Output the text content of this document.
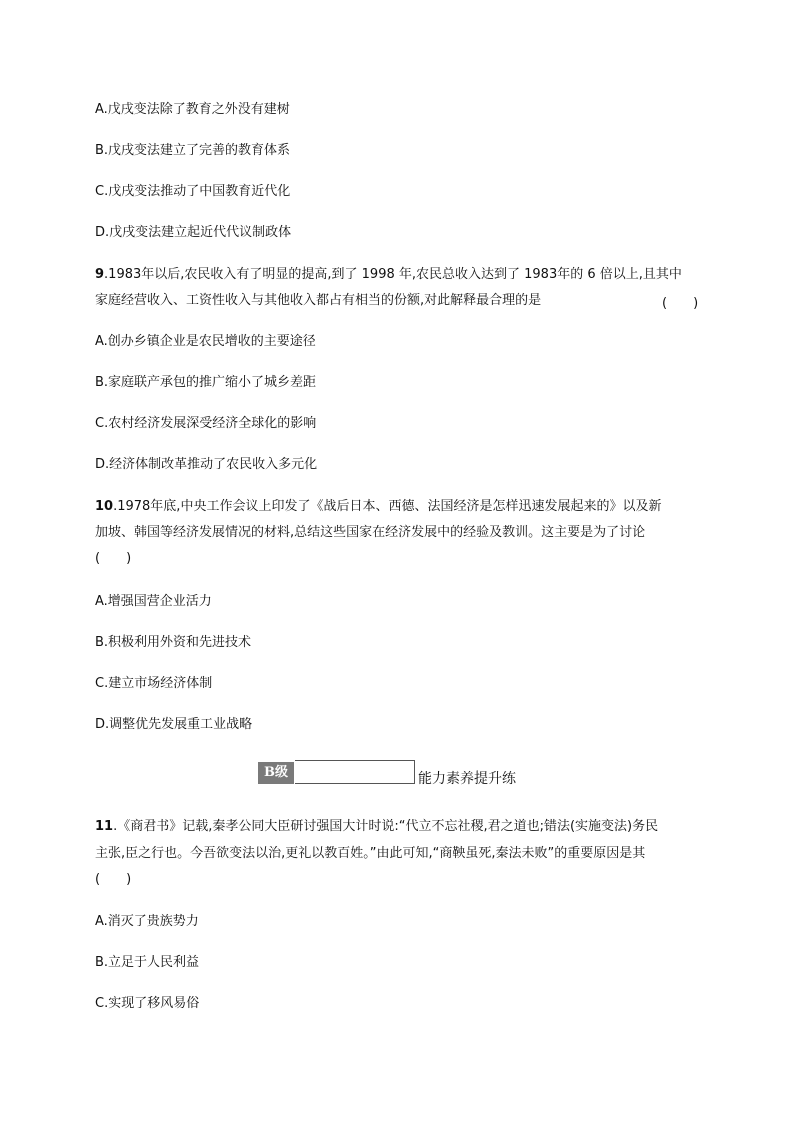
A.戊戌变法除了教育之外没有建树
B.戊戌变法建立了完善的教育体系
C.戊戌变法推动了中国教育近代化
D.戊戌变法建立起近代代议制政体
9.1983年以后,农民收入有了明显的提高,到了 1998 年,农民总收入达到了 1983年的 6 倍以上,且其中
家庭经营收入、工资性收入与其他收入都占有相当的份额,对此解释最合理的是	(　　)
A.创办乡镇企业是农民增收的主要途径
B.家庭联产承包的推广缩小了城乡差距
C.农村经济发展深受经济全球化的影响
D.经济体制改革推动了农民收入多元化
10.1978年底,中央工作会议上印发了《战后日本、西德、法国经济是怎样迅速发展起来的》以及新
加坡、韩国等经济发展情况的材料,总结这些国家在经济发展中的经验及教训。这主要是为了讨论
(　　)
A.增强国营企业活力
B.积极利用外资和先进技术
C.建立市场经济体制
D.调整优先发展重工业战略
B级	能力素养提升练
11.《商君书》记载,秦孝公同大臣研讨强国大计时说:“代立不忘社稷,君之道也;错法(实施变法)务民
主张,臣之行也。今吾欲变法以治,更礼以教百姓。”由此可知,“商鞅虽死,秦法未败”的重要原因是其
(　　)
A.消灭了贵族势力
B.立足于人民利益
C.实现了移风易俗
